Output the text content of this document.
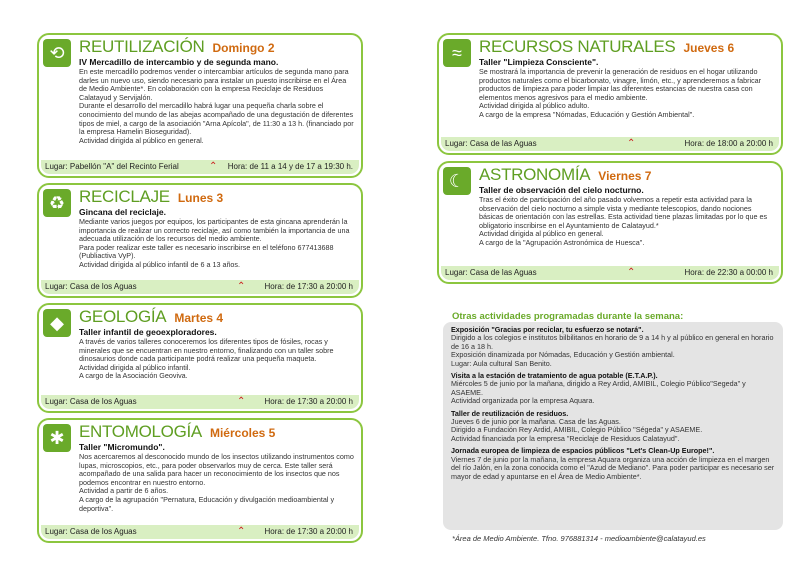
⟲ REUTILIZACIÓN Domingo 2
IV Mercadillo de intercambio y de segunda mano.

En este mercadillo podremos vender o intercambiar artículos de segunda mano para darles un nuevo uso, siendo necesario para instalar un puesto inscribirse en el Área de Medio Ambiente*. En colaboración con la empresa Reciclaje de Residuos Calatayud y Servijalón.

Durante el desarrollo del mercadillo habrá lugar una pequeña charla sobre el conocimiento del mundo de las abejas acompañado de una degustación de diferentes tipos de miel, a cargo de la asociación "Arna Apícola", de 11:30 a 13 h. (financiado por la empresa Hamelin Bioseguridad).

Actividad dirigida al público en general.

Lugar: Pabellón "A" del Recinto Ferial	⌃ Hora: de 11 a 14 y de 17 a 19:30 h.
♻ RECICLAJE Lunes 3
Gincana del reciclaje.

Mediante varios juegos por equipos, los participantes de esta gincana aprenderán la importancia de realizar un correcto reciclaje, así como también la importancia de una adecuada utilización de los recursos del medio ambiente.

Para poder realizar este taller es necesario inscribirse en el teléfono 677413688 (Publiactiva VyP).

Actividad dirigida al público infantil de 6 a 13 años.

Lugar: Casa de los Aguas	⌃ Hora: de 17:30 a 20:00 h
◆ GEOLOGÍA Martes 4
Taller infantil de geoexploradores.

A través de varios talleres conoceremos los diferentes tipos de fósiles, rocas y minerales que se encuentran en nuestro entorno, finalizando con un taller sobre dinosaurios donde cada participante podrá realizar una pequeña maqueta.

Actividad dirigida al público infantil.

A cargo de la Asociación Geoviva.

Lugar: Casa de los Aguas	⌃ Hora: de 17:30 a 20:00 h
✱ ENTOMOLOGÍA Miércoles 5
Taller "Micromundo".

Nos acercaremos al desconocido mundo de los insectos utilizando instrumentos como lupas, microscopios, etc., para poder observarlos muy de cerca. Este taller será acompañado de una salida para hacer un reconocimiento de los insectos que nos podemos encontrar en nuestro entorno.

Actividad a partir de 6 años.

A cargo de la agrupación "Pernatura, Educación y divulgación medioambiental y deportiva".

Lugar: Casa de los Aguas	⌃ Hora: de 17:30 a 20:00 h
≈	RECURSOS NATURALES Jueves 6
Taller "Limpieza Consciente".

Se mostrará la importancia de prevenir la generación de residuos en el hogar utilizando productos naturales como el bicarbonato, vinagre, limón, etc., y aprenderemos a fabricar productos de limpieza para poder limpiar las diferentes estancias de nuestra casa con elementos menos agresivos para el medio ambiente.

Actividad dirigida al público adulto.

A cargo de la empresa "Nómadas, Educación y Gestión Ambiental".

Lugar: Casa de las Aguas	⌃	Hora: de 18:00 a 20:00 h
☾ ASTRONOMÍA Viernes 7
Taller de observación del cielo nocturno.

Tras el éxito de participación del año pasado volvemos a repetir esta actividad para la observación del cielo nocturno a simple vista y mediante telescopios, dando nociones básicas de orientación con las estrellas. Esta actividad tiene plazas limitadas por lo que es obligatorio inscribirse en el Ayuntamiento de Calatayud.*

Actividad dirigida al público en general.

A cargo de la "Agrupación Astronómica de Huesca".

Lugar: Casa de las Aguas	⌃	Hora: de 22:30 a 00:00 h
Otras actividades programadas durante la semana:

Exposición "Gracias por reciclar, tu esfuerzo se notará".

Dirigido a los colegios e institutos bilbilitanos en horario de 9 a 14 h y al público en general en horario de 16 a 18 h.

Exposición dinamizada por Nómadas, Educación y Gestión ambiental.

Lugar: Aula cultural San Benito.

Visita a la estación de tratamiento de agua potable (E.T.A.P.).

Miércoles 5 de junio por la mañana, dirigido a Rey Ardid, AMIBIL, Colegio Público"Segeda" y ASAEME.

Actividad organizada por la empresa Aquara.

Taller de reutilización de residuos.

Jueves 6 de junio por la mañana. Casa de las Aguas.

Dirigido a Fundación Rey Ardid, AMIBIL, Colegio Público "Ségeda" y ASAEME.

Actividad financiada por la empresa "Reciclaje de Residuos Calatayud".

Jornada europea de limpieza de espacios públicos "Let's Clean-Up Europe!".

Viernes 7 de junio por la mañana, la empresa Aquara organiza una acción de limpieza en el margen del río Jalón, en la zona conocida como el "Azud de Mediano". Para poder participar es necesario ser mayor de edad y apuntarse en el Área de Medio Ambiente*.

*Área de Medio Ambiente. Tfno. 976881314 - medioambiente@calatayud.es
